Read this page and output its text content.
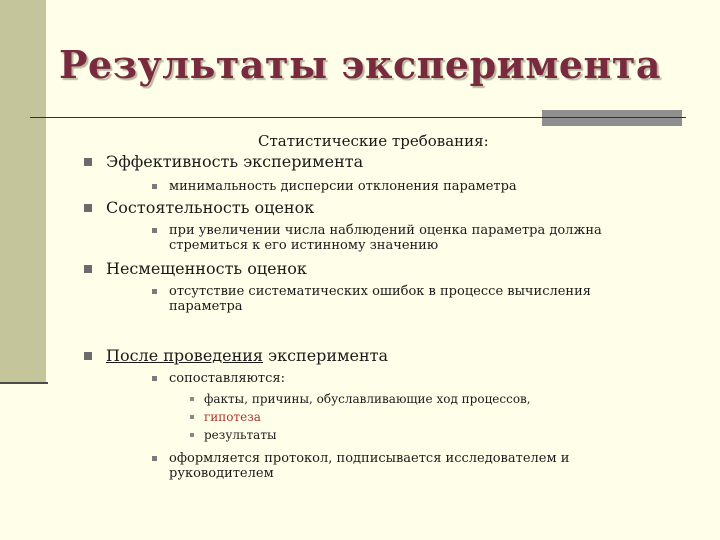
Результаты эксперимента
Статистические требования:
Эффективность эксперимента
минимальность дисперсии отклонения параметра
Состоятельность оценок
при увеличении числа наблюдений оценка параметра должна
стремиться к его истинному значению
Несмещенность оценок
отсутствие систематических ошибок в процессе вычисления
параметра
После проведения эксперимента
сопоставляются:
факты, причины, обуславливающие ход процессов,
гипотеза
результаты
оформляется протокол, подписывается исследователем и
руководителем
